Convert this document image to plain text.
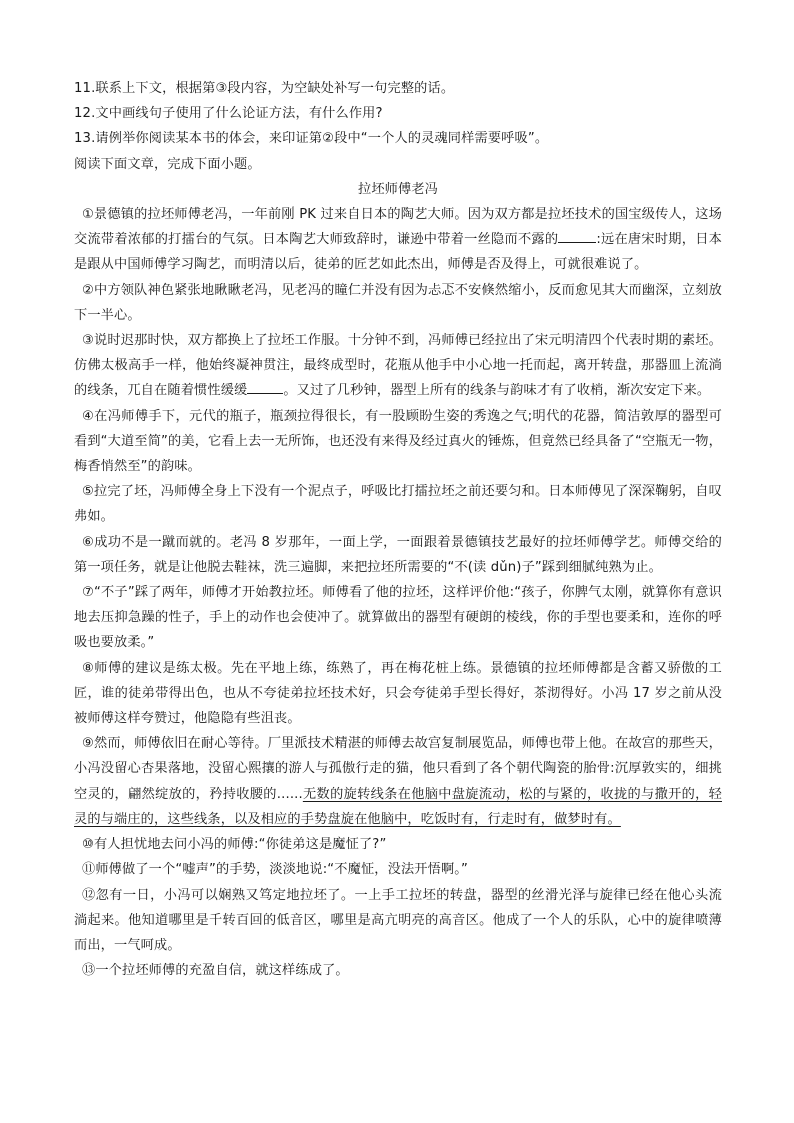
11.联系上下文，根据第③段内容，为空缺处补写一句完整的话。

12.文中画线句子使用了什么论证方法，有什么作用?

13.请例举你阅读某本书的体会，来印证第②段中“一个人的灵魂同样需要呼吸”。

阅读下面文章，完成下面小题。

拉坯师傅老冯

①景德镇的拉坯师傅老冯，一年前刚 PK 过来自日本的陶艺大师。因为双方都是拉坯技术的国宝级传人，这场交流带着浓郁的打擂台的气氛。日本陶艺大师致辞时，谦逊中带着一丝隐而不露的	:远在唐宋时期，日本是跟从中国师傅学习陶艺，而明清以后，徒弟的匠艺如此杰出，师傅是否及得上，可就很难说了。

②中方领队神色紧张地瞅瞅老冯，见老冯的瞳仁并没有因为忐忑不安倏然缩小，反而愈见其大而幽深，立刻放下一半心。

③说时迟那时快，双方都换上了拉坯工作服。十分钟不到，冯师傅已经拉出了宋元明清四个代表时期的素坯。仿佛太极高手一样，他始终凝神贯注，最终成型时，花瓶从他手中小心地一托而起，离开转盘，那器皿上流淌的线条，兀自在随着惯性缓缓	。又过了几秒钟，器型上所有的线条与韵味才有了收梢，渐次安定下来。

④在冯师傅手下，元代的瓶子，瓶颈拉得很长，有一股顾盼生姿的秀逸之气;明代的花器，简洁敦厚的器型可看到“大道至简”的美，它看上去一无所饰，也还没有来得及经过真火的锤炼，但竟然已经具备了“空瓶无一物，梅香悄然至”的韵味。

⑤拉完了坯，冯师傅全身上下没有一个泥点子，呼吸比打擂拉坯之前还要匀和。日本师傅见了深深鞠躬，自叹弗如。

⑥成功不是一蹴而就的。老冯 8 岁那年，一面上学，一面跟着景德镇技艺最好的拉坯师傅学艺。师傅交给的第一项任务，就是让他脱去鞋袜，洗三遍脚，来把拉坯所需要的“不(读 dǔn)子”踩到细腻纯熟为止。

⑦“不子”踩了两年，师傅才开始教拉坯。师傅看了他的拉坯，这样评价他:“孩子，你脾气太刚，就算你有意识地去压抑急躁的性子，手上的动作也会使冲了。就算做出的器型有硬朗的棱线，你的手型也要柔和，连你的呼吸也要放柔。”

⑧师傅的建议是练太极。先在平地上练，练熟了，再在梅花桩上练。景德镇的拉坯师傅都是含蓄又骄傲的工匠，谁的徒弟带得出色，也从不夸徒弟拉坯技术好，只会夸徒弟手型长得好，茶沏得好。小冯 17 岁之前从没被师傅这样夸赞过，他隐隐有些沮丧。

⑨然而，师傅依旧在耐心等待。厂里派技术精湛的师傅去故宫复制展览品，师傅也带上他。在故宫的那些天，小冯没留心杏果落地，没留心熙攘的游人与孤傲行走的猫，他只看到了各个朝代陶瓷的胎骨:沉厚敦实的，细挑空灵的，翩然绽放的，矜持收腰的......无数的旋转线条在他脑中盘旋流动，松的与紧的，收拢的与撒开的，轻灵的与端庄的，这些线条，以及相应的手势盘旋在他脑中，吃饭时有，行走时有，做梦时有。

⑩有人担忧地去问小冯的师傅:“你徒弟这是魔怔了?”

⑪师傅做了一个“嘘声”的手势，淡淡地说:“不魔怔，没法开悟啊。”

⑫忽有一日，小冯可以娴熟又笃定地拉坯了。一上手工拉坯的转盘，器型的丝滑光泽与旋律已经在他心头流淌起来。他知道哪里是千转百回的低音区，哪里是高亢明亮的高音区。他成了一个人的乐队，心中的旋律喷薄而出，一气呵成。

⑬一个拉坯师傅的充盈自信，就这样练成了。
